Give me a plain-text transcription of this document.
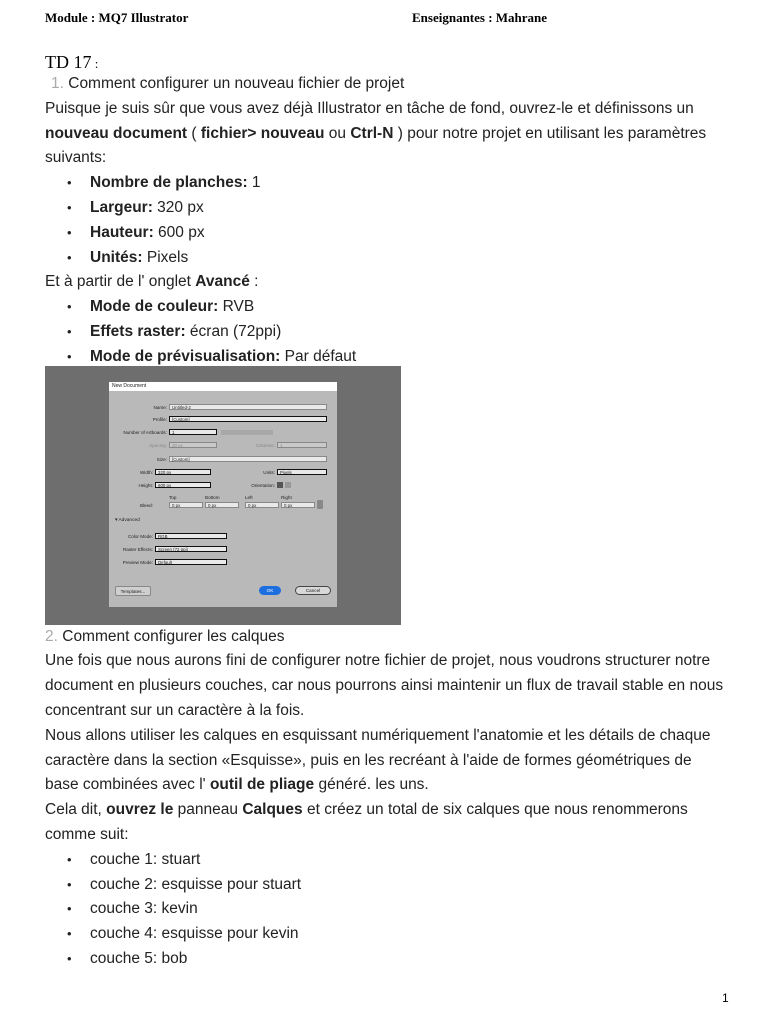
Module : MQ7 Illustrator	Enseignantes : Mahrane
TD 17 :

1. Comment configurer un nouveau fichier de projet

Puisque je suis sûr que vous avez déjà Illustrator en tâche de fond, ouvrez-le et définissons un nouveau document ( fichier> nouveau ou Ctrl-N ) pour notre projet en utilisant les paramètres suivants:

• Nombre de planches: 1
• Largeur: 320 px
• Hauteur: 600 px
• Unités: Pixels

Et à partir de l' onglet Avancé :

• Mode de couleur: RVB
• Effets raster: écran (72ppi)
• Mode de prévisualisation: Par défaut
New Document
Name:	Untitled-2
Profile:	[Custom]
Number of Artboards:	1
Spacing:	20 px	Columns:	1
Size:	[Custom]
Width:	320 px	Units:	Pixels
Height:	600 px	Orientation:
Top	Bottom	Left	Right
Bleed:	0 px	0 px	0 px	0 px
▾ Advanced
Color Mode:	RGB
Raster Effects:	Screen (72 ppi)
Preview Mode:	Default
Templates...	OK	Cancel

2. Comment configurer les calques

Une fois que nous aurons fini de configurer notre fichier de projet, nous voudrons structurer notre document en plusieurs couches, car nous pourrons ainsi maintenir un flux de travail stable en nous concentrant sur un caractère à la fois.

Nous allons utiliser les calques en esquissant numériquement l'anatomie et les détails de chaque caractère dans la section «Esquisse», puis en les recréant à l'aide de formes géométriques de base combinées avec l' outil de pliage généré. les uns.

Cela dit, ouvrez le panneau Calques et créez un total de six calques que nous renommerons comme suit:

• couche 1: stuart
• couche 2: esquisse pour stuart
• couche 3: kevin
• couche 4: esquisse pour kevin
• couche 5: bob
1
